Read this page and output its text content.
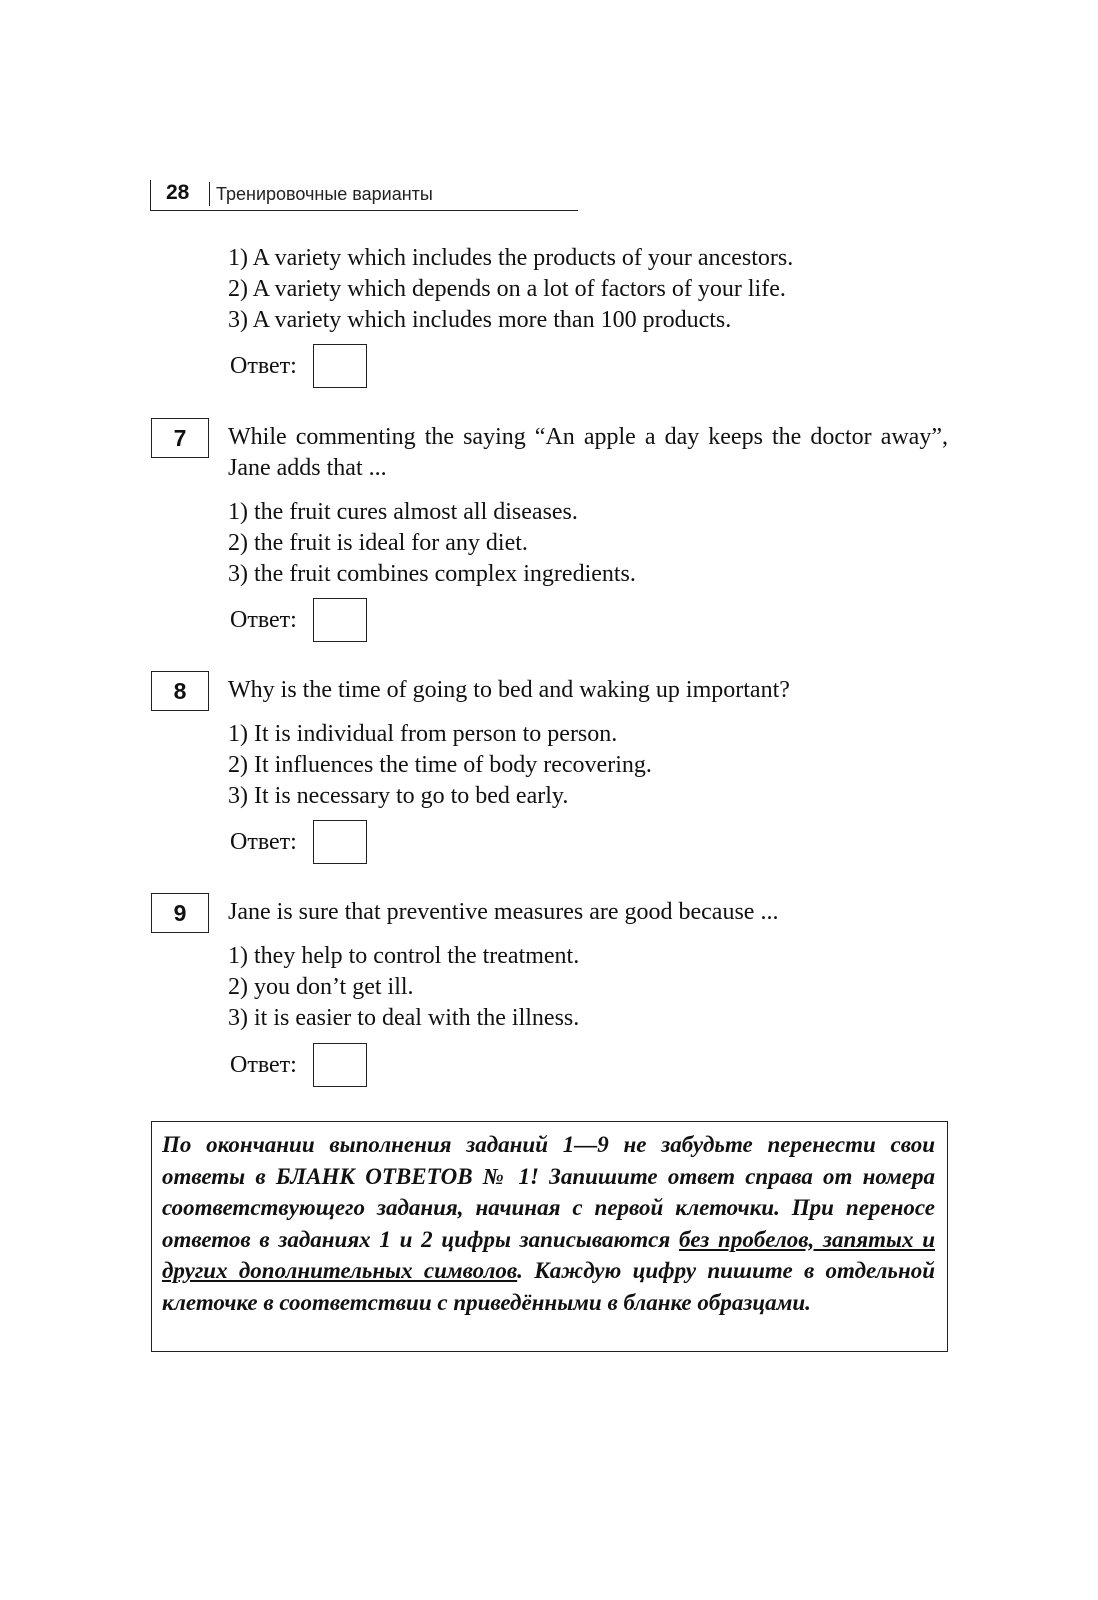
28 Тренировочные варианты
1) A variety which includes the products of your ancestors.
2) A variety which depends on a lot of factors of your life.
3) A variety which includes more than 100 products.
Ответ:
7	While commenting the saying “An apple a day keeps the doctor away”, Jane adds that ...
1) the fruit cures almost all diseases.
2) the fruit is ideal for any diet.
3) the fruit combines complex ingredients.
Ответ:
8	Why is the time of going to bed and waking up important?
1) It is individual from person to person.
2) It influences the time of body recovering.
3) It is necessary to go to bed early.
Ответ:
9	Jane is sure that preventive measures are good because ...
1) they help to control the treatment.
2) you don’t get ill.
3) it is easier to deal with the illness.
Ответ:
По окончании выполнения заданий 1—9 не забудьте перенести свои ответы в БЛАНК ОТВЕТОВ № 1! Запишите ответ справа от номера соответствующего задания, начиная с первой клеточки. При переносе ответов в заданиях 1 и 2 цифры записываются без пробелов, запятых и других дополнительных символов. Каждую цифру пишите в отдельной клеточке в соответствии с приведёнными в бланке образцами.
